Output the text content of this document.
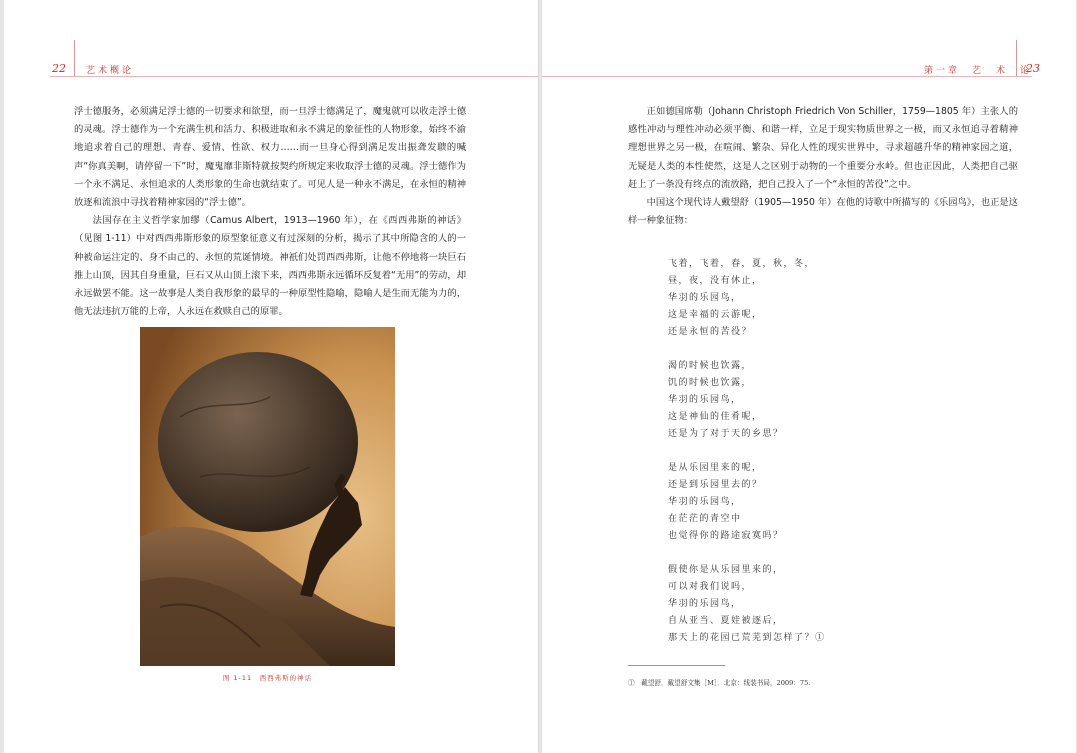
22 艺术概论

浮士德服务，必须满足浮士德的一切要求和欲望，而一旦浮士德满足了，魔鬼就可以收走浮士德的灵魂。浮士德作为一个充满生机和活力、积极进取和永不满足的象征性的人物形象，始终不渝地追求着自己的理想、青春、爱情、性欲、权力……而一旦身心得到满足发出振聋发聩的喊声“你真美啊，请停留一下”时，魔鬼靡非斯特就按契约所规定来收取浮士德的灵魂。浮士德作为一个永不满足、永恒追求的人类形象的生命也就结束了。可见人是一种永不满足，在永恒的精神放逐和流浪中寻找着精神家园的“浮士德”。

法国存在主义哲学家加缪（Camus Albert，1913—1960 年），在《西西弗斯的神话》（见图 1-11）中对西西弗斯形象的原型象征意义有过深刻的分析，揭示了其中所隐含的人的一种被命运注定的、身不由己的、永恒的荒诞情境。神祇们处罚西西弗斯，让他不停地将一块巨石推上山顶，因其自身重量，巨石又从山顶上滚下来，西西弗斯永远循环反复着“无用”的劳动，却永远做罢不能。这一故事是人类自我形象的最早的一种原型性隐喻，隐喻人是生而无能为力的，他无法违抗万能的上帝，人永远在救赎自己的原罪。

图 1-11　西西弗斯的神话
23
第一章　艺　术　论

正如德国席勒（Johann Christoph Friedrich Von Schiller，1759—1805 年）主张人的感性冲动与理性冲动必须平衡、和谐一样，立足于现实物质世界之一极，而又永恒追寻着精神理想世界之另一极，在喧闹、繁杂、异化人性的现实世界中，寻求超越升华的精神家园之道，无疑是人类的本性使然，这是人之区别于动物的一个重要分水岭。但也正因此，人类把自己驱赶上了一条没有终点的流放路，把自己投入了一个“永恒的苦役”之中。

中国这个现代诗人戴望舒（1905—1950 年）在他的诗歌中所描写的《乐园鸟》，也正是这样一种象征物：

飞着，飞着，春，夏，秋，冬，
昼，夜，没有休止，
华羽的乐园鸟，
这是幸福的云游呢，
还是永恒的苦役？
渴的时候也饮露，
饥的时候也饮露，
华羽的乐园鸟，
这是神仙的佳肴呢，
还是为了对于天的乡思？
是从乐园里来的呢，
还是到乐园里去的？
华羽的乐园鸟，
在茫茫的青空中
也觉得你的路途寂寞吗？
假使你是从乐园里来的，
可以对我们说吗，
华羽的乐园鸟，
自从亚当、夏娃被逐后，
那天上的花园已荒芜到怎样了？①
①　戴望舒．戴望舒文集［M］．北京：线装书局，2009：75.
